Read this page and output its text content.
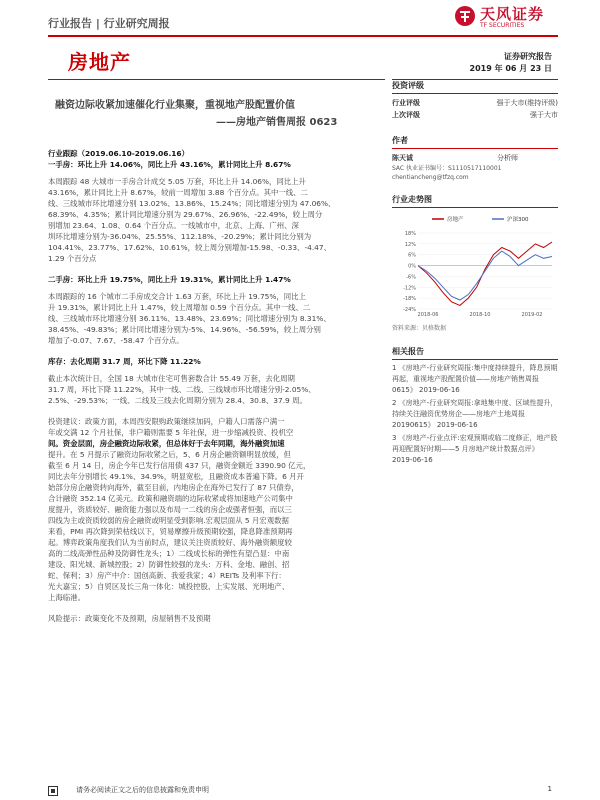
行业报告 | 行业研究周报
天风证券
TF SECURITIES
房地产	证券研究报告
2019 年 06 月 23 日
融资边际收紧加速催化行业集聚，重视地产股配置价值
——房地产销售周报 0623

行业跟踪（2019.06.10-2019.06.16）

一手房：环比上升 14.06%，同比上升 43.16%，累计同比上升 8.67%

本周跟踪 48 大城市一手房合计成交 5.05 万套，环比上升 14.06%，同比上升

43.16%，累计同比上升 8.67%，较前一周增加 3.88 个百分点。其中一线、二

线、三线城市环比增速分别 13.02%、13.86%、15.24%；同比增速分别为 47.06%、

68.39%、4.35%；累计同比增速分别为 29.67%、26.96%、-22.49%，较上周分

别增加 23.64、1.08、0.64 个百分点。一线城市中，北京、上海、广州、深

圳环比增速分别为-36.04%、25.55%、112.18%、-20.29%；累计同比分别为

104.41%、23.77%、17.62%、10.61%，较上周分别增加-15.98、-0.33、-4.47、

1.29 个百分点

二手房：环比上升 19.75%，同比上升 19.31%，累计同比上升 1.47%

本周跟踪的 16 个城市二手房成交合计 1.63 万套，环比上升 19.75%，同比上

升 19.31%，累计同比上升 1.47%，较上周增加 0.59 个百分点。其中一线、二

线、三线城市环比增速分别 36.11%、13.48%、23.69%；同比增速分别为 8.31%、

38.45%、-49.83%；累计同比增速分别为-5%、14.96%、-56.59%，较上周分别

增加了-0.07、7.67、-58.47 个百分点。

库存：去化周期 31.7 周，环比下降 11.22%

截止本次统计日，全国 18 大城市住宅可售套数合计 55.49 万套，去化周期

31.7 周，环比下降 11.22%，其中一线、二线、三线城市环比增速分别-2.05%、

2.5%、-29.53%；一线、二线及三线去化周期分别为 28.4、30.8、37.9 周。

投资建议：政策方面，本周西安限购政策继续加码，户籍人口需落户满一

年或交满 12 个月社保，非户籍则需要 5 年社保，进一步缩减投资、投机空

间。资金层面，房企融资边际收紧，但总体好于去年同期，海外融资加速

提升。在 5 月提示了融资边际收紧之后，5、6 月房企融资额明显放缓，但

截至 6 月 14 日，房企今年已发行信用债 437 只，融资金额近 3390.90 亿元，

同比去年分别增长 49.1%、34.9%，明显宽松，且融资成本普遍下降。6 月开

始部分房企融资转向海外，截至目前，内地房企在海外已发行了 87 只债券，

合计融资 352.14 亿美元。政策和融资端的边际收紧或将加速地产公司集中

度提升，资质较好、融资能力强以及布局一二线的房企或强者恒强，而以三

四线为主或资质较弱的房企融资或明显受到影响.宏观层面从 5 月宏观数据

来看，PMI 再次降到荣枯线以下，贸易摩擦升级预期较强，降息降准预期再

起。博弈政策角度我们认为当前时点，建议关注资质较好、海外融资额度较

高的二线高弹性品种及防御性龙头；1）二线成长标的弹性有望凸显：中南

建设、阳光城、新城控股；2）防御性较强的龙头：万科、金地、融创、招

蛇、保利；3）房产中介：国创高新、我爱我家；4）REITs 及利率下行：

光大嘉宝；5）自贸区及长三角一体化：城投控股、上实发展、光明地产、

上海临港。

风险提示：政策变化不及预期，房屋销售不及预期

投资评级
行业评级	强于大市(维持评级)
上次评级	强于大市
作者
陈天诚	分析师
SAC 执业证书编号：S1110517110001
chentiancheng@tfzq.com
行业走势图
18%
12%
6%
0%
-6%
-12%
-18%
-24%
2018-06	2018-10	2019-02
房地产	沪深300
资料来源：贝格数据
相关报告

1 《房地产-行业研究周报:集中度持续提升，降息预期再起，重视地产股配置价值——房地产销售周报 0615》 2019-06-16

2 《房地产-行业研究周报:拿地集中度、区域性提升，持续关注融资优势房企——房地产土地周报 20190615》 2019-06-16

3 《房地产-行业点评:宏观预期或临二度修正，地产股再迎配置好时期——5 月房地产统计数据点评》 2019-06-16

请务必阅读正文之后的信息披露和免责申明	1
